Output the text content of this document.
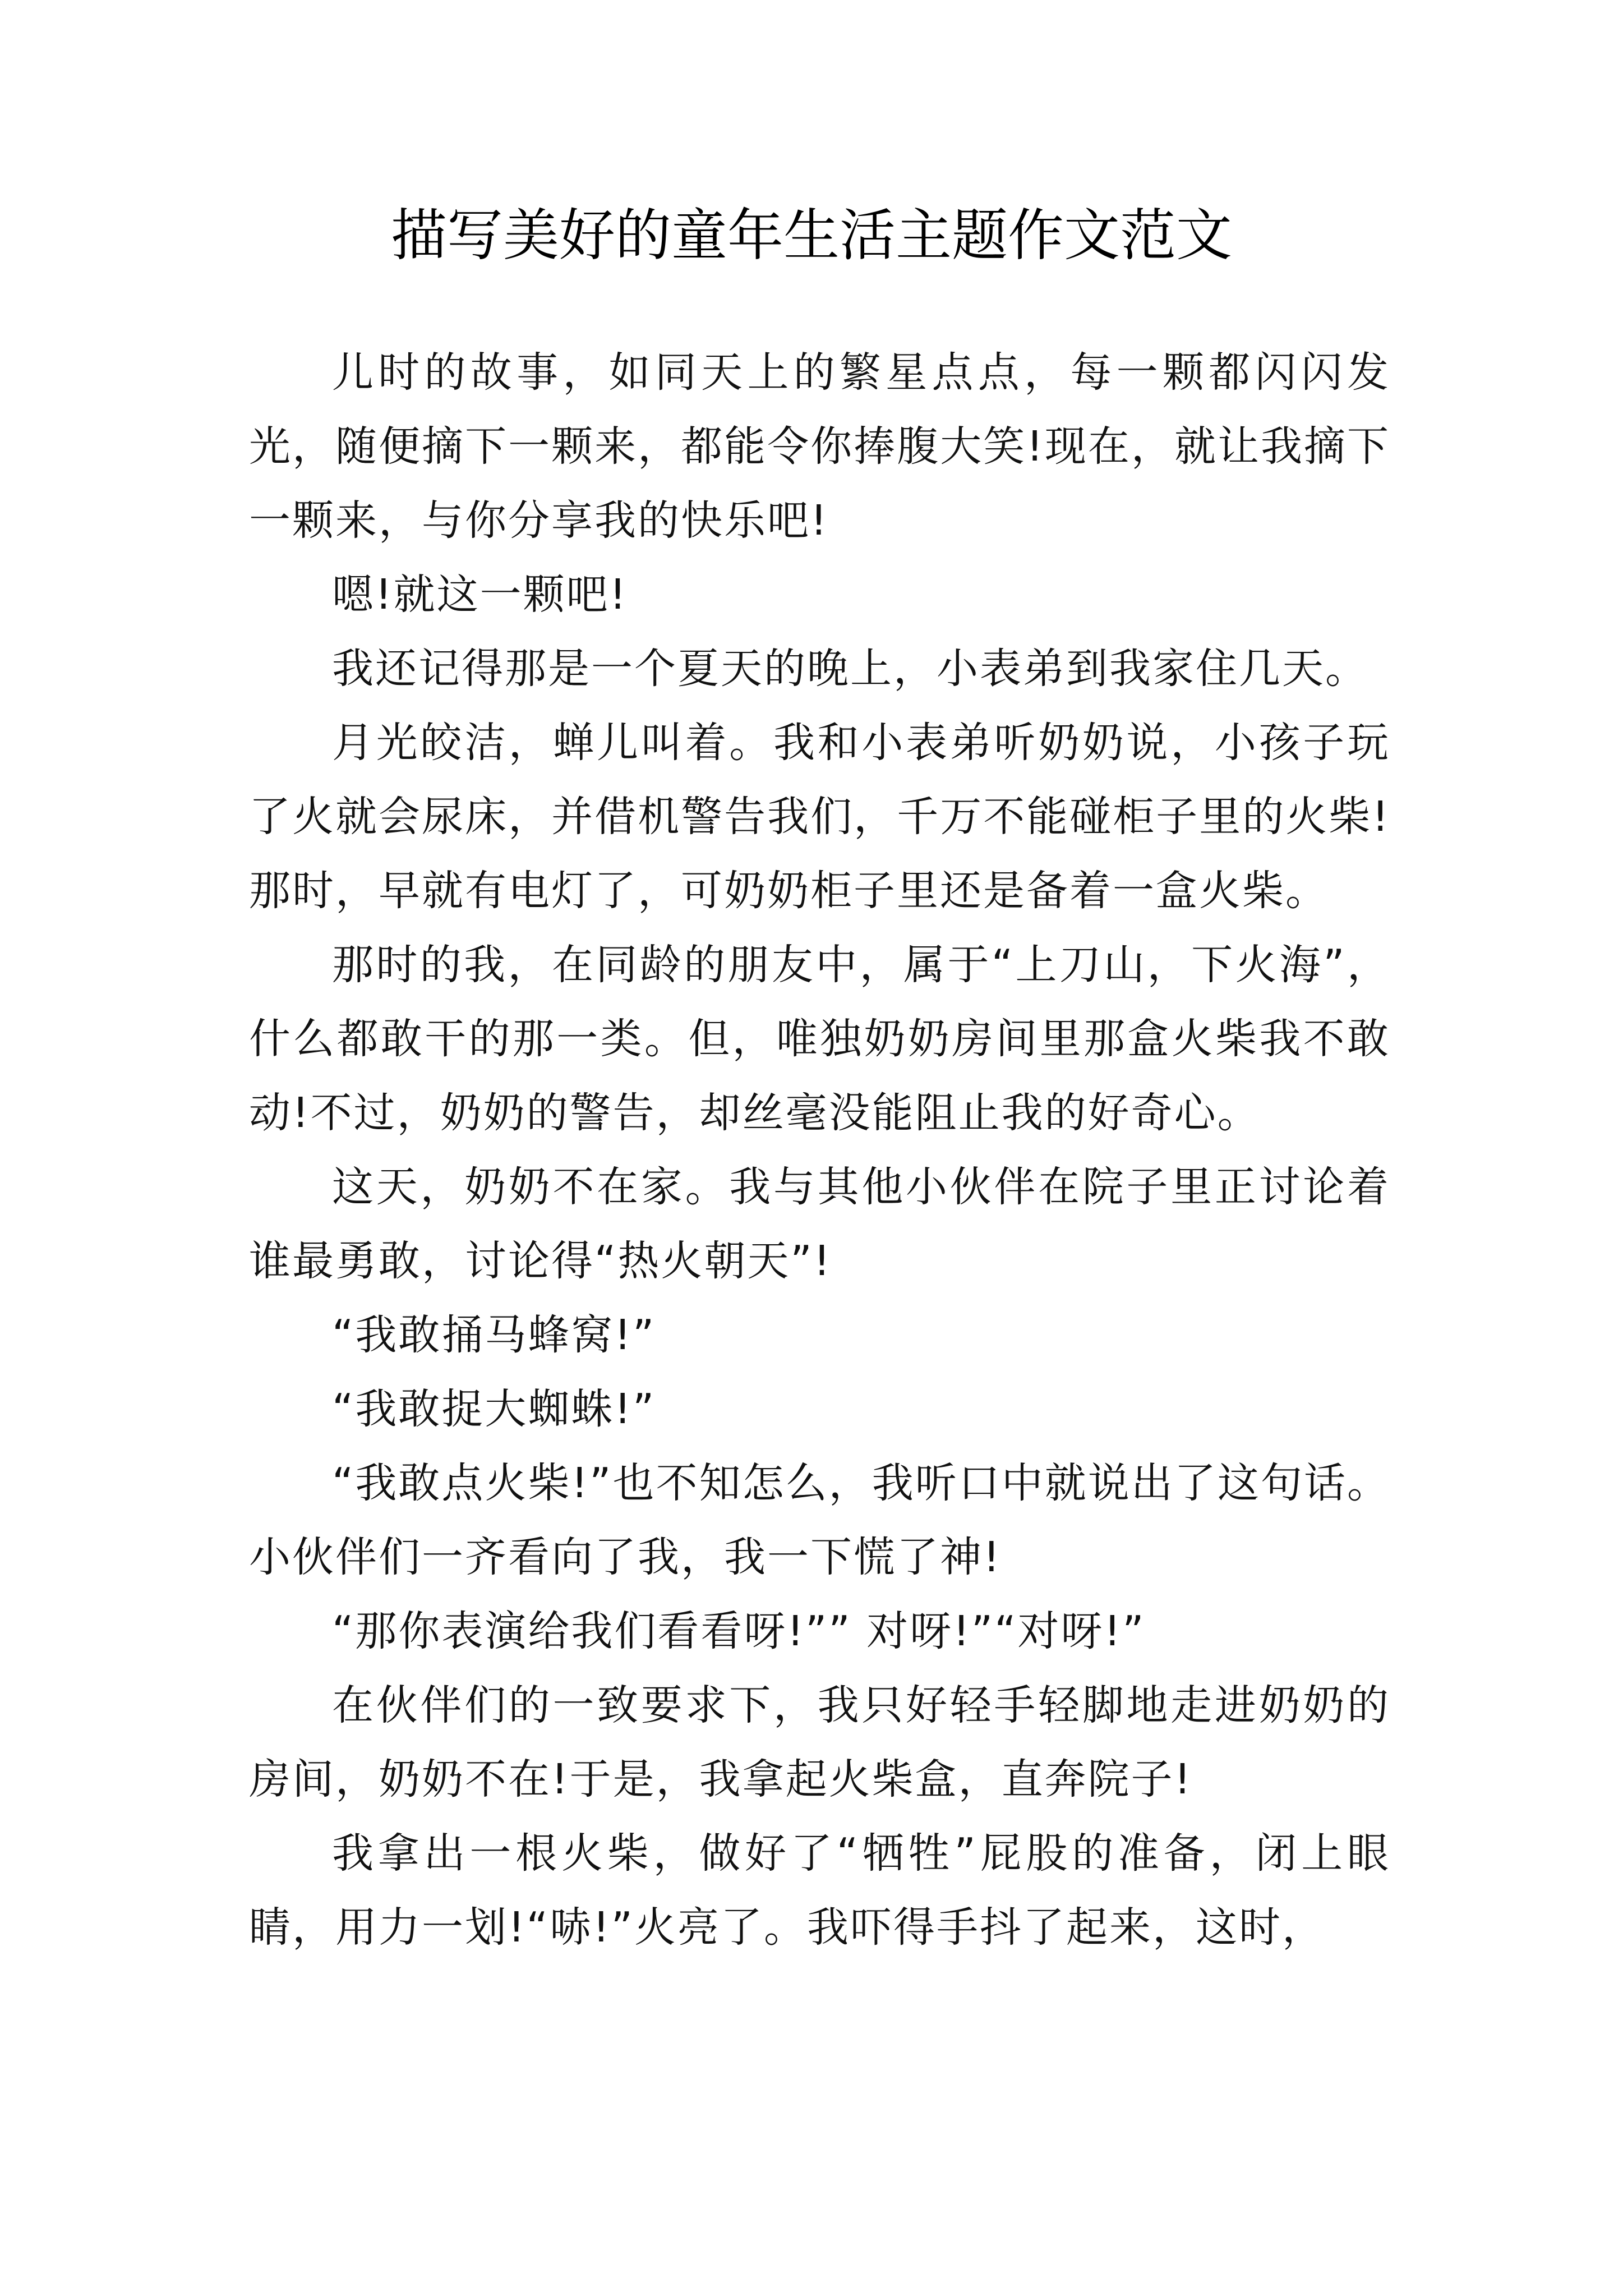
描写美好的童年生活主题作文范文

儿时的故事，如同天上的繁星点点，每一颗都闪闪发光，随便摘下一颗来，都能令你捧腹大笑!现在，就让我摘下一颗来，与你分享我的快乐吧!

嗯!就这一颗吧!

我还记得那是一个夏天的晚上，小表弟到我家住几天。

月光皎洁，蝉儿叫着。我和小表弟听奶奶说，小孩子玩了火就会尿床，并借机警告我们，千万不能碰柜子里的火柴!那时，早就有电灯了，可奶奶柜子里还是备着一盒火柴。

那时的我，在同龄的朋友中，属于“上刀山，下火海”，什么都敢干的那一类。但，唯独奶奶房间里那盒火柴我不敢动!不过，奶奶的警告，却丝毫没能阻止我的好奇心。

这天，奶奶不在家。我与其他小伙伴在院子里正讨论着谁最勇敢，讨论得“热火朝天”!

“我敢捅马蜂窝!”

“我敢捉大蜘蛛!”

“我敢点火柴!”也不知怎么，我听口中就说出了这句话。小伙伴们一齐看向了我，我一下慌了神!

“那你表演给我们看看呀!”” 对呀!”“对呀!”

在伙伴们的一致要求下，我只好轻手轻脚地走进奶奶的房间，奶奶不在!于是，我拿起火柴盒，直奔院子!

我拿出一根火柴，做好了“牺牲”屁股的准备，闭上眼睛，用力一划!“哧!”火亮了。我吓得手抖了起来，这时，
